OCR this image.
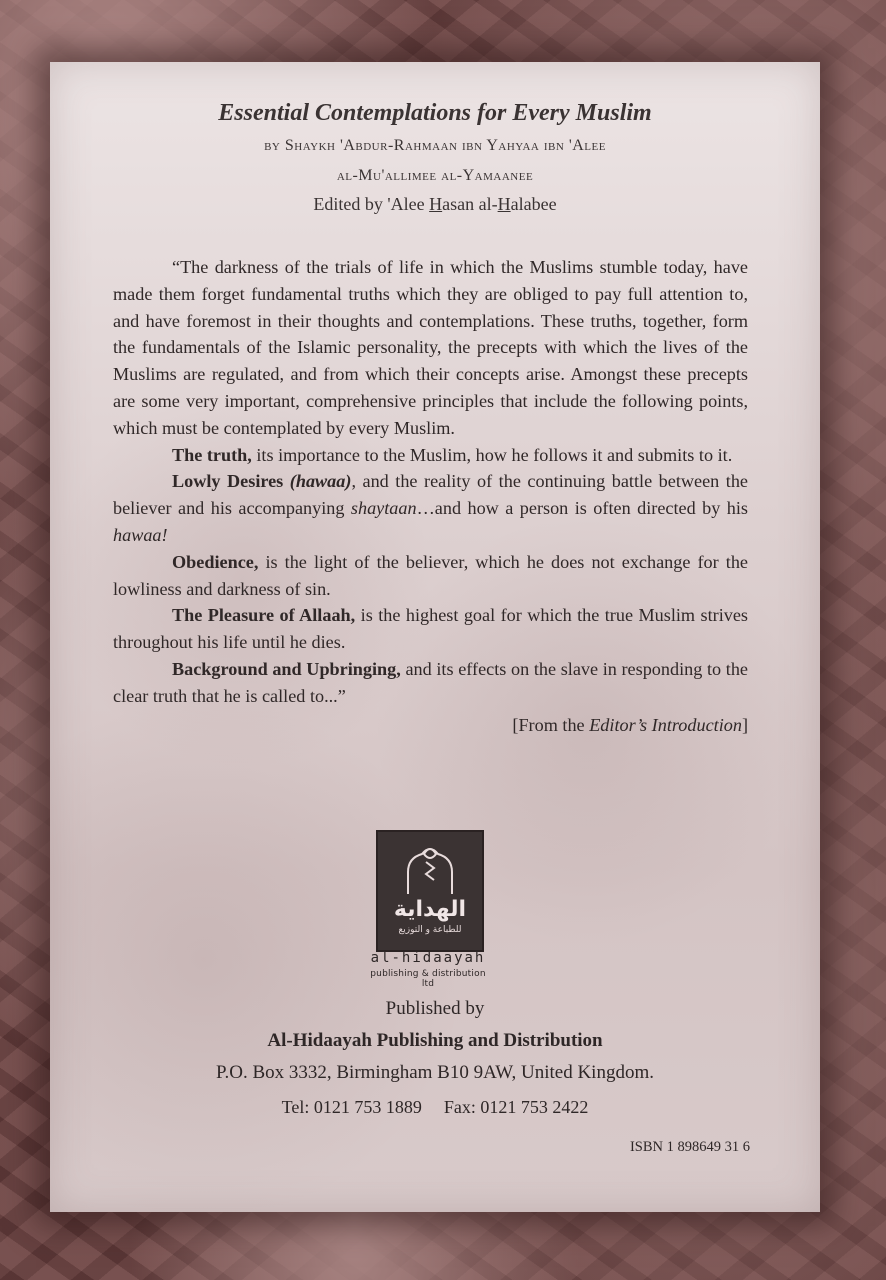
Essential Contemplations for Every Muslim
by Shaykh 'Abdur-Rahmaan ibn Yahyaa ibn 'Alee
al-Mu'allimee al-Yamaanee
Edited by 'Alee Hasan al-Halabee

“The darkness of the trials of life in which the Muslims stumble today, have made them forget fundamental truths which they are obliged to pay full attention to, and have foremost in their thoughts and contemplations. These truths, together, form the fundamentals of the Islamic personality, the precepts with which the lives of the Muslims are regulated, and from which their concepts arise. Amongst these precepts are some very important, comprehensive principles that include the following points, which must be contemplated by every Muslim.

The truth, its importance to the Muslim, how he follows it and submits to it.

Lowly Desires (hawaa), and the reality of the continuing battle between the believer and his accompanying shaytaan…and how a person is often directed by his hawaa!

Obedience, is the light of the believer, which he does not exchange for the lowliness and darkness of sin.

The Pleasure of Allaah, is the highest goal for which the true Muslim strives throughout his life until he dies.

Background and Upbringing, and its effects on the slave in responding to the clear truth that he is called to...”

[From the Editor’s Introduction]

الهداية
للطباعة و التوزيع
al-hidaayah
publishing & distribution ltd
Published by
Al-Hidaayah Publishing and Distribution
P.O. Box 3332, Birmingham B10 9AW, United Kingdom.
Tel: 0121 753 1889 Fax: 0121 753 2422
ISBN 1 898649 31 6
